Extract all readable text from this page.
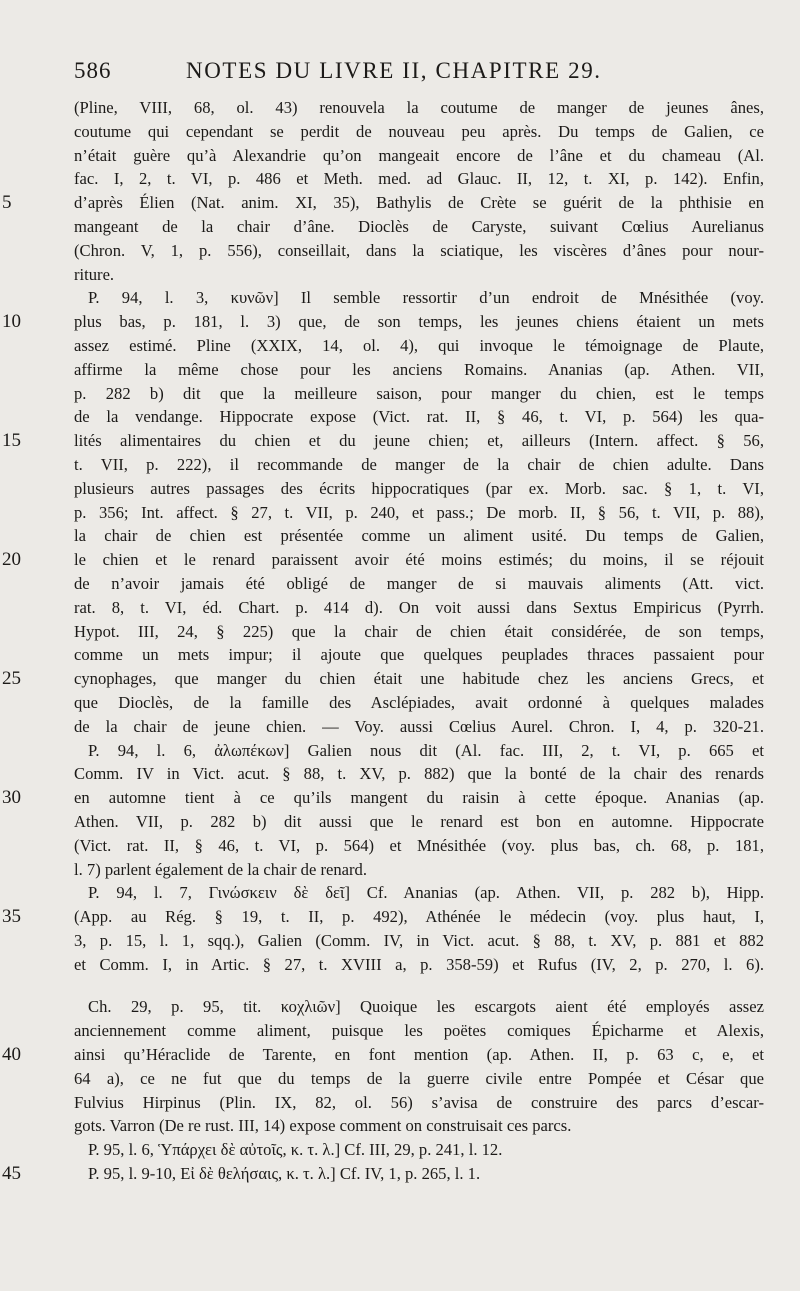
586	NOTES DU LIVRE II, CHAPITRE 29.
(Pline, VIII, 68, ol. 43) renouvela la coutume de manger de jeunes ânes,
coutume qui cependant se perdit de nouveau peu après. Du temps de Galien, ce
n’était guère qu’à Alexandrie qu’on mangeait encore de l’âne et du chameau (Al.
fac. I, 2, t. VI, p. 486 et Meth. med. ad Glauc. II, 12, t. XI, p. 142). Enfin,
5	d’après Élien (Nat. anim. XI, 35), Bathylis de Crète se guérit de la phthisie en
mangeant de la chair d’âne. Dioclès de Caryste, suivant Cœlius Aurelianus
(Chron. V, 1, p. 556), conseillait, dans la sciatique, les viscères d’ânes pour nour-
riture.
P. 94, l. 3, κυνῶν] Il semble ressortir d’un endroit de Mnésithée (voy.
10	plus bas, p. 181, l. 3) que, de son temps, les jeunes chiens étaient un mets
assez estimé. Pline (XXIX, 14, ol. 4), qui invoque le témoignage de Plaute,
affirme la même chose pour les anciens Romains. Ananias (ap. Athen. VII,
p. 282 b) dit que la meilleure saison, pour manger du chien, est le temps
de la vendange. Hippocrate expose (Vict. rat. II, § 46, t. VI, p. 564) les qua-
15	lités alimentaires du chien et du jeune chien; et, ailleurs (Intern. affect. § 56,
t. VII, p. 222), il recommande de manger de la chair de chien adulte. Dans
plusieurs autres passages des écrits hippocratiques (par ex. Morb. sac. § 1, t. VI,
p. 356; Int. affect. § 27, t. VII, p. 240, et pass.; De morb. II, § 56, t. VII, p. 88),
la chair de chien est présentée comme un aliment usité. Du temps de Galien,
20	le chien et le renard paraissent avoir été moins estimés; du moins, il se réjouit
de n’avoir jamais été obligé de manger de si mauvais aliments (Att. vict.
rat. 8, t. VI, éd. Chart. p. 414 d). On voit aussi dans Sextus Empiricus (Pyrrh.
Hypot. III, 24, § 225) que la chair de chien était considérée, de son temps,
comme un mets impur; il ajoute que quelques peuplades thraces passaient pour
25	cynophages, que manger du chien était une habitude chez les anciens Grecs, et
que Dioclès, de la famille des Asclépiades, avait ordonné à quelques malades
de la chair de jeune chien. — Voy. aussi Cœlius Aurel. Chron. I, 4, p. 320-21.
P. 94, l. 6, ἀλωπέκων] Galien nous dit (Al. fac. III, 2, t. VI, p. 665 et
Comm. IV in Vict. acut. § 88, t. XV, p. 882) que la bonté de la chair des renards
30	en automne tient à ce qu’ils mangent du raisin à cette époque. Ananias (ap.
Athen. VII, p. 282 b) dit aussi que le renard est bon en automne. Hippocrate
(Vict. rat. II, § 46, t. VI, p. 564) et Mnésithée (voy. plus bas, ch. 68, p. 181,
l. 7) parlent également de la chair de renard.
P. 94, l. 7, Γινώσκειν δὲ δεῖ] Cf. Ananias (ap. Athen. VII, p. 282 b), Hipp.
35	(App. au Rég. § 19, t. II, p. 492), Athénée le médecin (voy. plus haut, I,
3, p. 15, l. 1, sqq.), Galien (Comm. IV, in Vict. acut. § 88, t. XV, p. 881 et 882
et Comm. I, in Artic. § 27, t. XVIII a, p. 358-59) et Rufus (IV, 2, p. 270, l. 6).
Ch. 29, p. 95, tit. κοχλιῶν] Quoique les escargots aient été employés assez
anciennement comme aliment, puisque les poëtes comiques Épicharme et Alexis,
40	ainsi qu’Héraclide de Tarente, en font mention (ap. Athen. II, p. 63 c, e, et
64 a), ce ne fut que du temps de la guerre civile entre Pompée et César que
Fulvius Hirpinus (Plin. IX, 82, ol. 56) s’avisa de construire des parcs d’escar-
gots. Varron (De re rust. III, 14) expose comment on construisait ces parcs.
P. 95, l. 6, Ὑπάρχει δὲ αὐτοῖς, κ. τ. λ.] Cf. III, 29, p. 241, l. 12.
45	P. 95, l. 9-10, Εἰ δὲ θελήσαις, κ. τ. λ.] Cf. IV, 1, p. 265, l. 1.
